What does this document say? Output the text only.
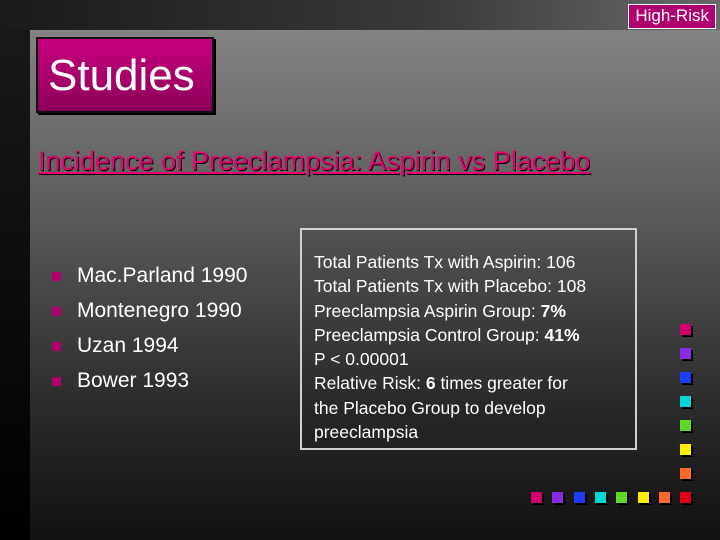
High-Risk
Studies
Incidence of Preeclampsia: Aspirin vs Placebo
Mac.Parland 1990
Montenegro 1990
Uzan 1994
Bower 1993
Total Patients Tx with Aspirin: 106
Total Patients Tx with Placebo: 108
Preeclampsia Aspirin Group: 7%
Preeclampsia Control Group: 41%
P < 0.00001
Relative Risk: 6 times greater for
the Placebo Group to develop
preeclampsia
